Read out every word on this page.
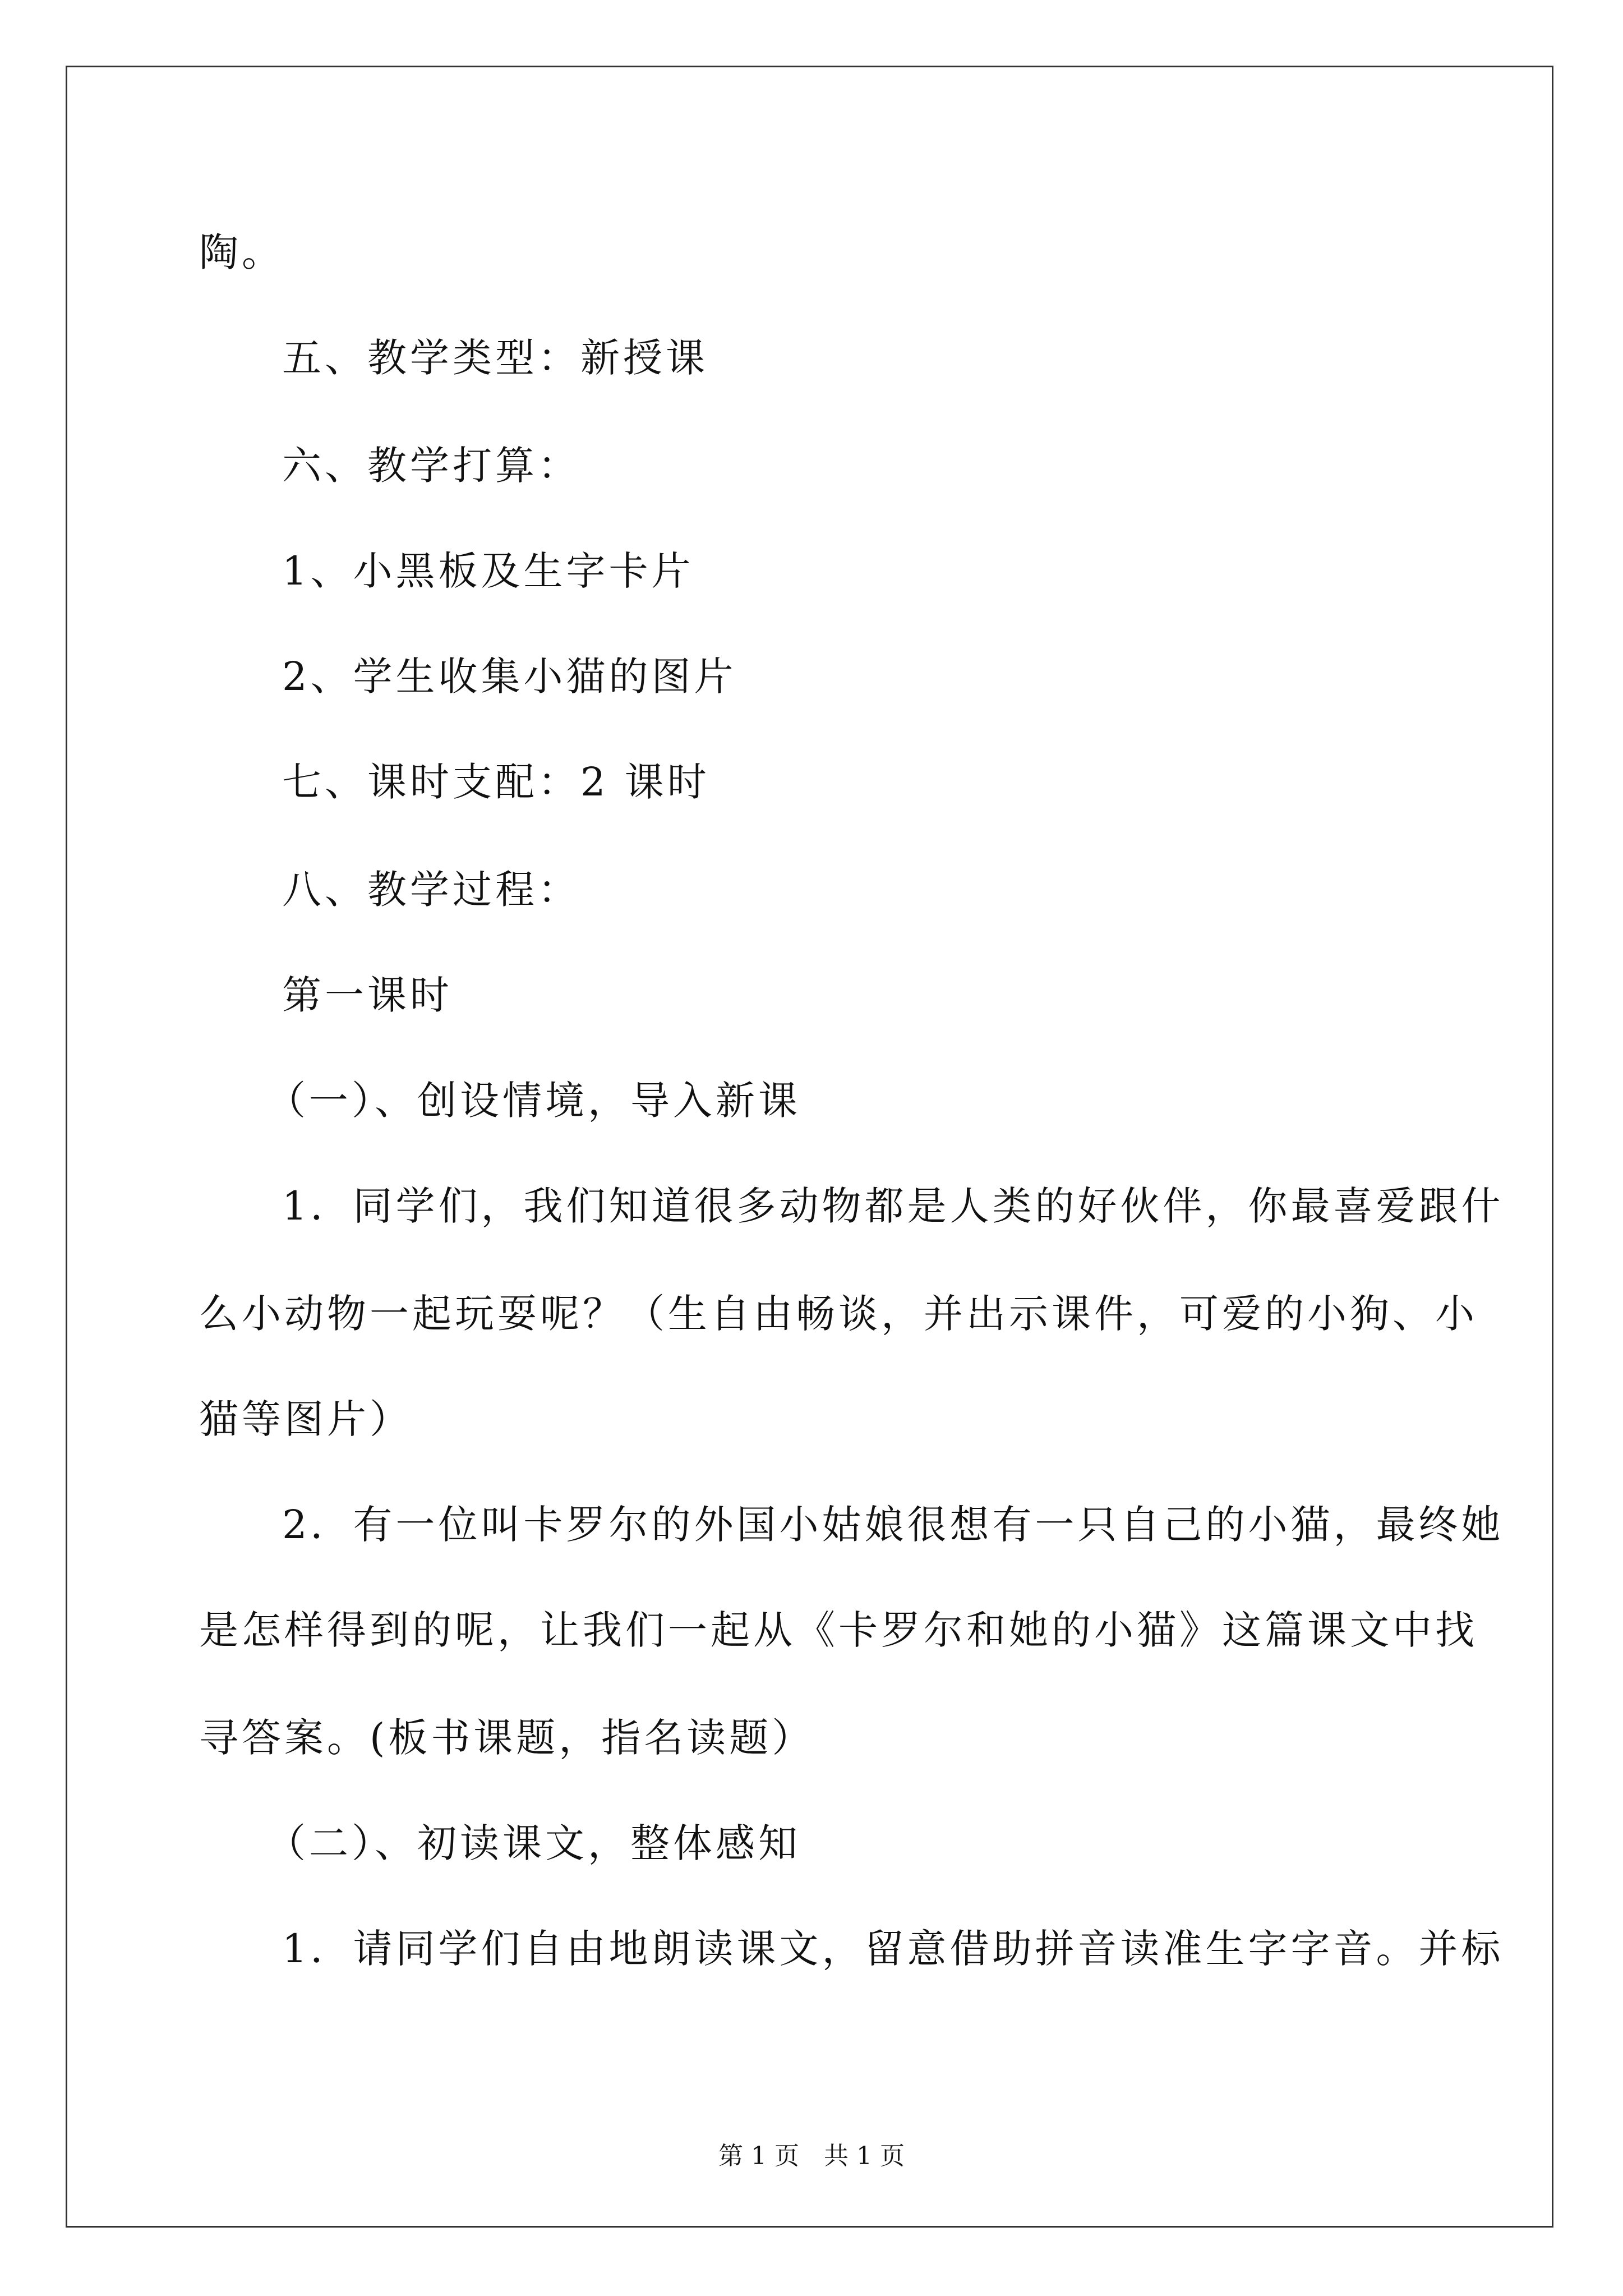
陶。
五、教学类型：新授课
六、教学打算：
1、小黑板及生字卡片
2、学生收集小猫的图片
七、课时支配：2 课时
八、教学过程：
第一课时
（一）、创设情境，导入新课
1．同学们，我们知道很多动物都是人类的好伙伴，你最喜爱跟什
么小动物一起玩耍呢？（生自由畅谈，并出示课件，可爱的小狗、小
猫等图片）
2．有一位叫卡罗尔的外国小姑娘很想有一只自己的小猫，最终她
是怎样得到的呢，让我们一起从《卡罗尔和她的小猫》这篇课文中找
寻答案。(板书课题，指名读题）
（二）、初读课文，整体感知
1．请同学们自由地朗读课文，留意借助拼音读准生字字音。并标
第 1 页　共 1 页
